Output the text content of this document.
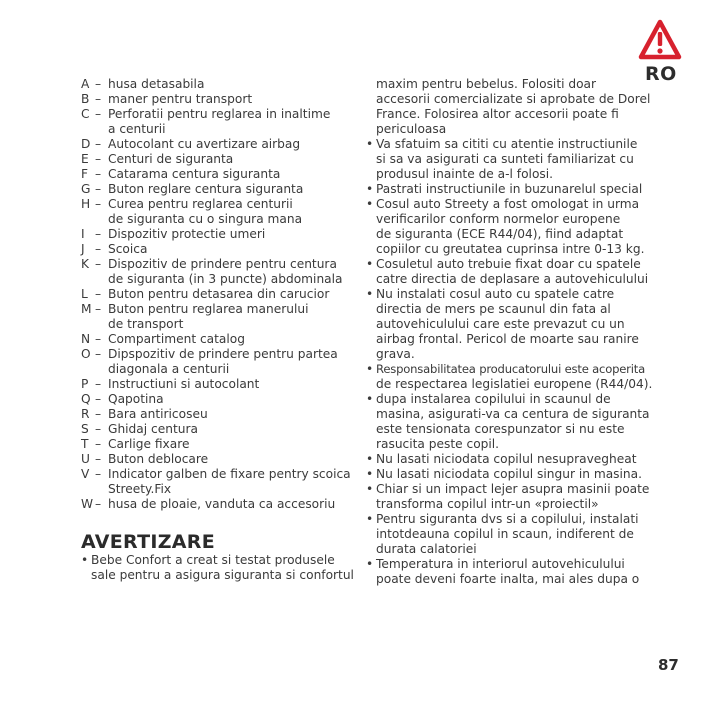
RO
A – husa detasabila
B – maner pentru transport
C – Perforatii pentru reglarea in inaltime
a centurii
D – Autocolant cu avertizare airbag
E – Centuri de siguranta
F – Catarama centura siguranta
G – Buton reglare centura siguranta
H – Curea pentru reglarea centurii
de siguranta cu o singura mana
I – Dispozitiv protectie umeri
J – Scoica
K – Dispozitiv de prindere pentru centura
de siguranta (in 3 puncte) abdominala
L – Buton pentru detasarea din carucior
M – Buton pentru reglarea manerului
de transport
N – Compartiment catalog
O – Dipspozitiv de prindere pentru partea
diagonala a centurii
P – Instructiuni si autocolant
Q – Qapotina
R – Bara antiricoseu
S – Ghidaj centura
T – Carlige fixare
U – Buton deblocare
V – Indicator galben de fixare pentry scoica
Streety.Fix
W – husa de ploaie, vanduta ca accesoriu
AVERTIZARE
• Bebe Confort a creat si testat produsele
sale pentru a asigura siguranta si confortul
maxim pentru bebelus. Folositi doar
accesorii comercializate si aprobate de Dorel
France. Folosirea altor accesorii poate fi
periculoasa
• Va sfatuim sa cititi cu atentie instructiunile
si sa va asigurati ca sunteti familiarizat cu
produsul inainte de a-l folosi.
• Pastrati instructiunile in buzunarelul special
• Cosul auto Streety a fost omologat in urma
verificarilor conform normelor europene
de siguranta (ECE R44/04), fiind adaptat
copiilor cu greutatea cuprinsa intre 0-13 kg.
• Cosuletul auto trebuie fixat doar cu spatele
catre directia de deplasare a autovehiculului
• Nu instalati cosul auto cu spatele catre
directia de mers pe scaunul din fata al
autovehiculului care este prevazut cu un
airbag frontal. Pericol de moarte sau ranire
grava.
• Responsabilitatea producatorului este acoperita
de respectarea legislatiei europene (R44/04).
• dupa instalarea copilului in scaunul de
masina, asigurati-va ca centura de siguranta
este tensionata corespunzator si nu este
rasucita peste copil.
• Nu lasati niciodata copilul nesupravegheat
• Nu lasati niciodata copilul singur in masina.
• Chiar si un impact lejer asupra masinii poate
transforma copilul intr-un «proiectil»
• Pentru siguranta dvs si a copilului, instalati
intotdeauna copilul in scaun, indiferent de
durata calatoriei
• Temperatura in interiorul autovehiculului
poate deveni foarte inalta, mai ales dupa o
87
